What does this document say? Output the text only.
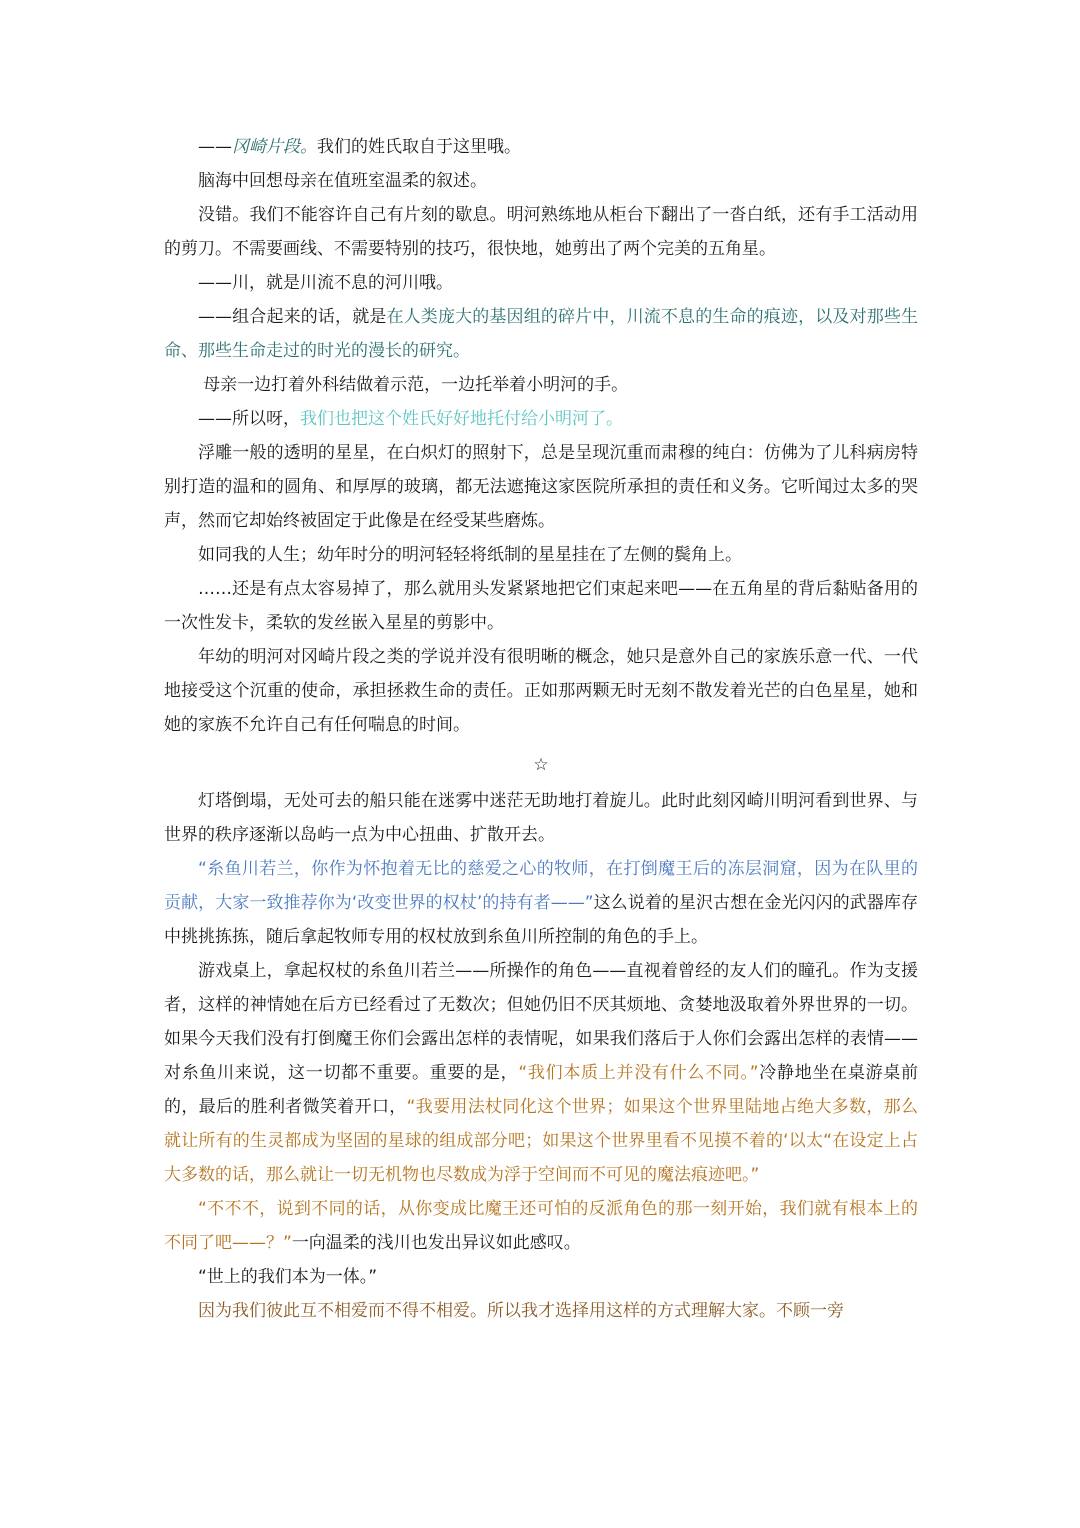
——冈崎片段。我们的姓氏取自于这里哦。

脑海中回想母亲在值班室温柔的叙述。

没错。我们不能容许自己有片刻的歇息。明河熟练地从柜台下翻出了一沓白纸，还有手工活动用的剪刀。不需要画线、不需要特别的技巧，很快地，她剪出了两个完美的五角星。

——川，就是川流不息的河川哦。

——组合起来的话，就是在人类庞大的基因组的碎片中，川流不息的生命的痕迹，以及对那些生命、那些生命走过的时光的漫长的研究。

母亲一边打着外科结做着示范，一边托举着小明河的手。

——所以呀，我们也把这个姓氏好好地托付给小明河了。

浮雕一般的透明的星星，在白炽灯的照射下，总是呈现沉重而肃穆的纯白：仿佛为了儿科病房特别打造的温和的圆角、和厚厚的玻璃，都无法遮掩这家医院所承担的责任和义务。它听闻过太多的哭声，然而它却始终被固定于此像是在经受某些磨炼。

如同我的人生；幼年时分的明河轻轻将纸制的星星挂在了左侧的鬓角上。

……还是有点太容易掉了，那么就用头发紧紧地把它们束起来吧——在五角星的背后黏贴备用的一次性发卡，柔软的发丝嵌入星星的剪影中。

年幼的明河对冈崎片段之类的学说并没有很明晰的概念，她只是意外自己的家族乐意一代、一代地接受这个沉重的使命，承担拯救生命的责任。正如那两颗无时无刻不散发着光芒的白色星星，她和她的家族不允许自己有任何喘息的时间。

☆

灯塔倒塌，无处可去的船只能在迷雾中迷茫无助地打着旋儿。此时此刻冈崎川明河看到世界、与世界的秩序逐渐以岛屿一点为中心扭曲、扩散开去。

“糸鱼川若兰，你作为怀抱着无比的慈爱之心的牧师，在打倒魔王后的冻层洞窟，因为在队里的贡献，大家一致推荐你为‘改变世界的权杖’的持有者——”这么说着的星沢古想在金光闪闪的武器库存中挑挑拣拣，随后拿起牧师专用的权杖放到糸鱼川所控制的角色的手上。

游戏桌上，拿起权杖的糸鱼川若兰——所操作的角色——直视着曾经的友人们的瞳孔。作为支援者，这样的神情她在后方已经看过了无数次；但她仍旧不厌其烦地、贪婪地汲取着外界世界的一切。如果今天我们没有打倒魔王你们会露出怎样的表情呢，如果我们落后于人你们会露出怎样的表情——对糸鱼川来说，这一切都不重要。重要的是，“我们本质上并没有什么不同。”冷静地坐在桌游桌前的，最后的胜利者微笑着开口，“我要用法杖同化这个世界；如果这个世界里陆地占绝大多数，那么就让所有的生灵都成为坚固的星球的组成部分吧；如果这个世界里看不见摸不着的‘以太“在设定上占大多数的话，那么就让一切无机物也尽数成为浮于空间而不可见的魔法痕迹吧。”

“不不不，说到不同的话，从你变成比魔王还可怕的反派角色的那一刻开始，我们就有根本上的不同了吧——？”一向温柔的浅川也发出异议如此感叹。

“世上的我们本为一体。”

因为我们彼此互不相爱而不得不相爱。所以我才选择用这样的方式理解大家。不顾一旁
